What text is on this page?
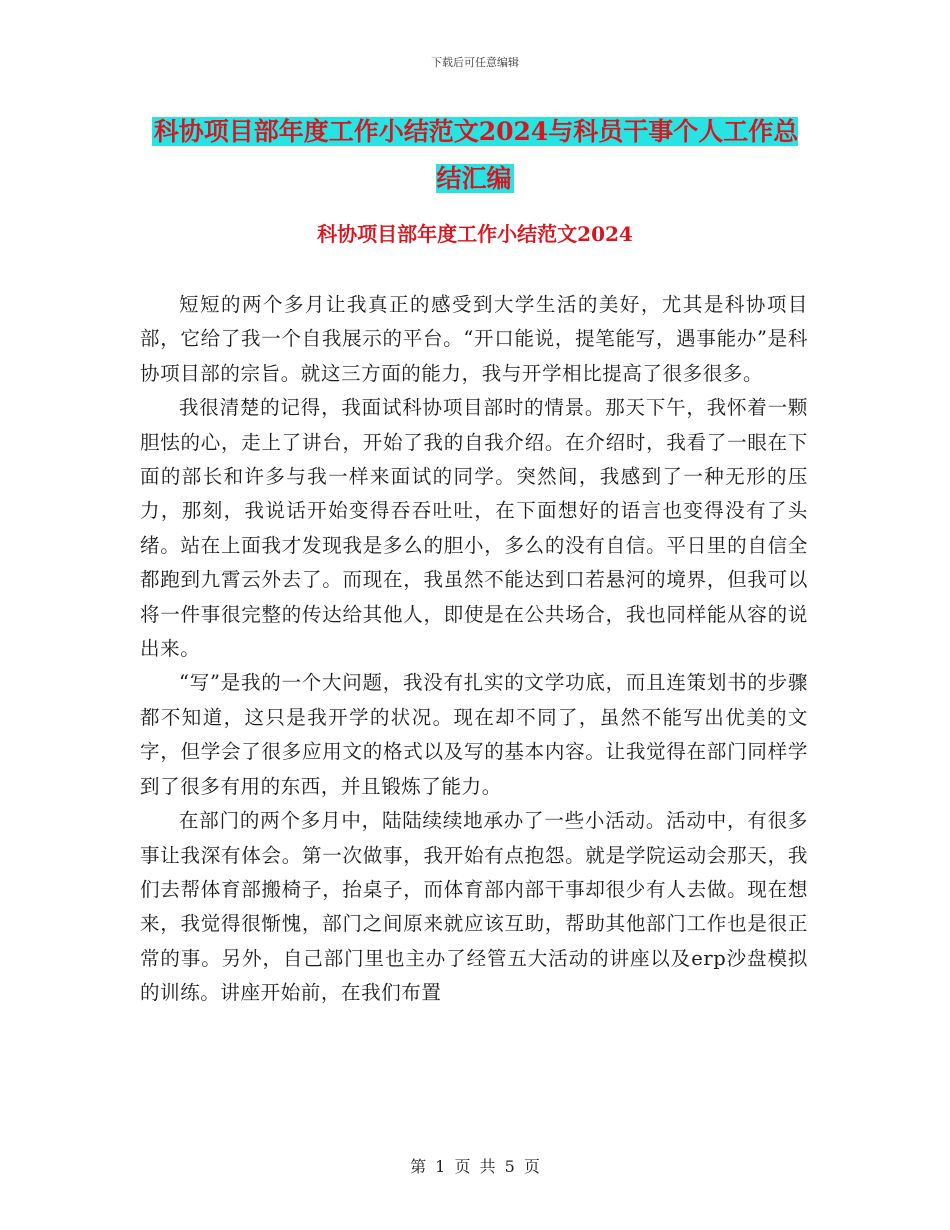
下载后可任意编辑
科协项目部年度工作小结范文2024与科员干事个人工作总结汇编
科协项目部年度工作小结范文2024

短短的两个多月让我真正的感受到大学生活的美好，尤其是科协项目部，它给了我一个自我展示的平台。“开口能说，提笔能写，遇事能办”是科协项目部的宗旨。就这三方面的能力，我与开学相比提高了很多很多。

我很清楚的记得，我面试科协项目部时的情景。那天下午，我怀着一颗胆怯的心，走上了讲台，开始了我的自我介绍。在介绍时，我看了一眼在下面的部长和许多与我一样来面试的同学。突然间，我感到了一种无形的压力，那刻，我说话开始变得吞吞吐吐，在下面想好的语言也变得没有了头绪。站在上面我才发现我是多么的胆小，多么的没有自信。平日里的自信全都跑到九霄云外去了。而现在，我虽然不能达到口若悬河的境界，但我可以将一件事很完整的传达给其他人，即使是在公共场合，我也同样能从容的说出来。

“写”是我的一个大问题，我没有扎实的文学功底，而且连策划书的步骤都不知道，这只是我开学的状况。现在却不同了，虽然不能写出优美的文字，但学会了很多应用文的格式以及写的基本内容。让我觉得在部门同样学到了很多有用的东西，并且锻炼了能力。

在部门的两个多月中，陆陆续续地承办了一些小活动。活动中，有很多事让我深有体会。第一次做事，我开始有点抱怨。就是学院运动会那天，我们去帮体育部搬椅子，抬桌子，而体育部内部干事却很少有人去做。现在想来，我觉得很惭愧，部门之间原来就应该互助，帮助其他部门工作也是很正常的事。另外，自己部门里也主办了经管五大活动的讲座以及erp沙盘模拟的训练。讲座开始前，在我们布置

第 1 页 共 5 页
